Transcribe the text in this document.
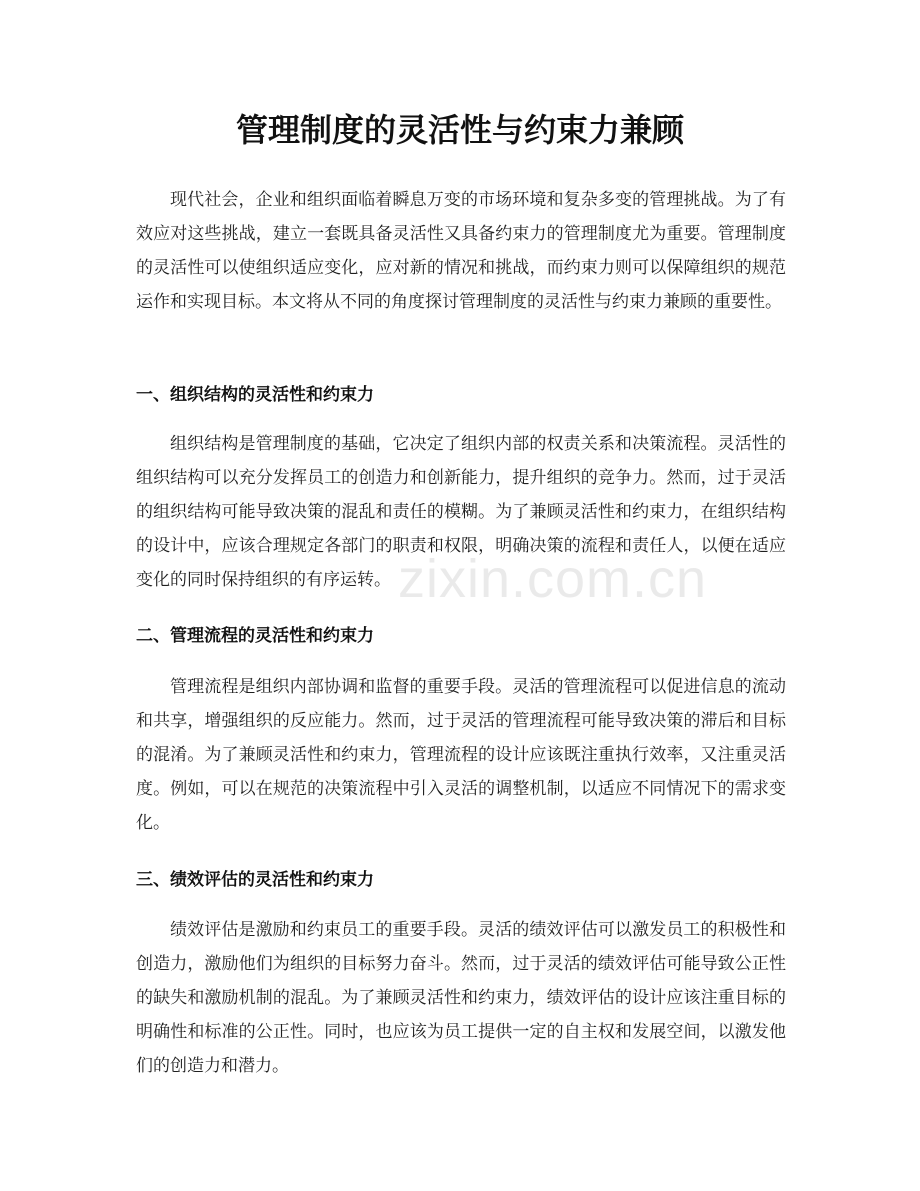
管理制度的灵活性与约束力兼顾

现代社会，企业和组织面临着瞬息万变的市场环境和复杂多变的管理挑战。为了有效应对这些挑战，建立一套既具备灵活性又具备约束力的管理制度尤为重要。管理制度的灵活性可以使组织适应变化，应对新的情况和挑战，而约束力则可以保障组织的规范运作和实现目标。本文将从不同的角度探讨管理制度的灵活性与约束力兼顾的重要性。

一、组织结构的灵活性和约束力

组织结构是管理制度的基础，它决定了组织内部的权责关系和决策流程。灵活性的组织结构可以充分发挥员工的创造力和创新能力，提升组织的竞争力。然而，过于灵活的组织结构可能导致决策的混乱和责任的模糊。为了兼顾灵活性和约束力，在组织结构的设计中，应该合理规定各部门的职责和权限，明确决策的流程和责任人，以便在适应变化的同时保持组织的有序运转。

二、管理流程的灵活性和约束力

管理流程是组织内部协调和监督的重要手段。灵活的管理流程可以促进信息的流动和共享，增强组织的反应能力。然而，过于灵活的管理流程可能导致决策的滞后和目标的混淆。为了兼顾灵活性和约束力，管理流程的设计应该既注重执行效率，又注重灵活度。例如，可以在规范的决策流程中引入灵活的调整机制，以适应不同情况下的需求变化。

三、绩效评估的灵活性和约束力

绩效评估是激励和约束员工的重要手段。灵活的绩效评估可以激发员工的积极性和创造力，激励他们为组织的目标努力奋斗。然而，过于灵活的绩效评估可能导致公正性的缺失和激励机制的混乱。为了兼顾灵活性和约束力，绩效评估的设计应该注重目标的明确性和标准的公正性。同时，也应该为员工提供一定的自主权和发展空间，以激发他们的创造力和潜力。

zixin.com.cn
